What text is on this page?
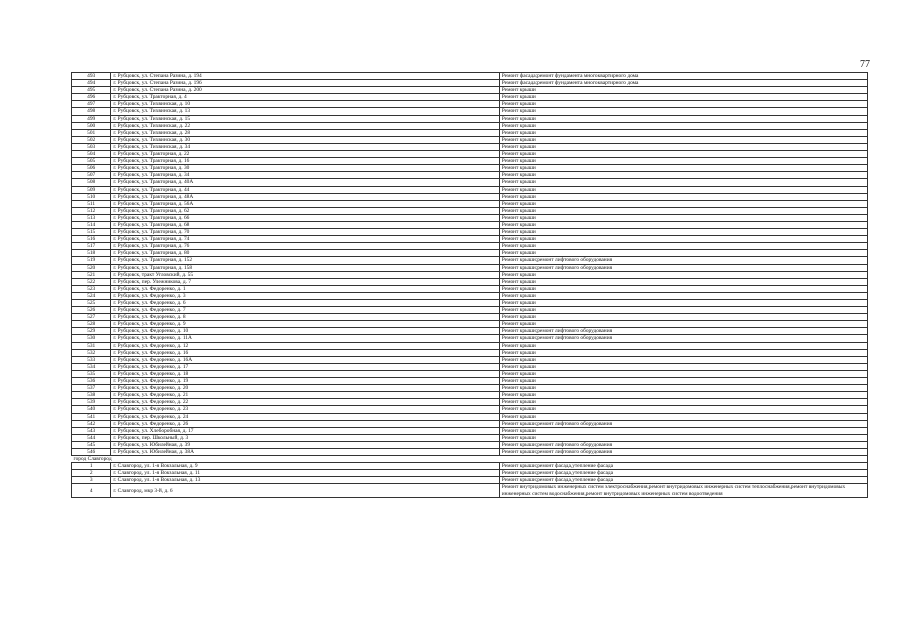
77
493	г. Рубцовск, ул. Степана Разина, д. 194	Ремонт фасада;ремонт фундамента многоквартирного дома
494	г. Рубцовск, ул. Степана Разина, д. 196	Ремонт фасада;ремонт фундамента многоквартирного дома
495	г. Рубцовск, ул. Степана Разина, д. 200	Ремонт крыши
496	г. Рубцовск, ул. Тракторная, д. 4	Ремонт крыши
497	г. Рубцовск, ул. Тихвинская, д. 10	Ремонт крыши
498	г. Рубцовск, ул. Тихвинская, д. 13	Ремонт крыши
499	г. Рубцовск, ул. Тихвинская, д. 15	Ремонт крыши
500	г. Рубцовск, ул. Тихвинская, д. 22	Ремонт крыши
501	г. Рубцовск, ул. Тихвинская, д. 28	Ремонт крыши
502	г. Рубцовск, ул. Тихвинская, д. 30	Ремонт крыши
503	г. Рубцовск, ул. Тихвинская, д. 34	Ремонт крыши
504	г. Рубцовск, ул. Тракторная, д. 22	Ремонт крыши
505	г. Рубцовск, ул. Тракторная, д. 16	Ремонт крыши
506	г. Рубцовск, ул. Тракторная, д. 30	Ремонт крыши
507	г. Рубцовск, ул. Тракторная, д. 34	Ремонт крыши
508	г. Рубцовск, ул. Тракторная, д. 40А	Ремонт крыши
509	г. Рубцовск, ул. Тракторная, д. 44	Ремонт крыши
510	г. Рубцовск, ул. Тракторная, д. 48А	Ремонт крыши
511	г. Рубцовск, ул. Тракторная, д. 56А	Ремонт крыши
512	г. Рубцовск, ул. Тракторная, д. 62	Ремонт крыши
513	г. Рубцовск, ул. Тракторная, д. 66	Ремонт крыши
514	г. Рубцовск, ул. Тракторная, д. 68	Ремонт крыши
515	г. Рубцовск, ул. Тракторная, д. 70	Ремонт крыши
516	г. Рубцовск, ул. Тракторная, д. 74	Ремонт крыши
517	г. Рубцовск, ул. Тракторная, д. 76	Ремонт крыши
518	г. Рубцовск, ул. Тракторная, д. 80	Ремонт крыши
519	г. Рубцовск, ул. Тракторная, д. 152	Ремонт крыши;ремонт лифтового оборудования
520	г. Рубцовск, ул. Тракторная, д. 158	Ремонт крыши;ремонт лифтового оборудования
521	г. Рубцовск, тракт Угловский, д. 55	Ремонт крыши
522	г. Рубцовск, пер. Улежникова, д. 7	Ремонт крыши
523	г. Рубцовск, ул. Федоренко, д. 1	Ремонт крыши
524	г. Рубцовск, ул. Федоренко, д. 3	Ремонт крыши
525	г. Рубцовск, ул. Федоренко, д. 6	Ремонт крыши
526	г. Рубцовск, ул. Федоренко, д. 7	Ремонт крыши
527	г. Рубцовск, ул. Федоренко, д. 8	Ремонт крыши
528	г. Рубцовск, ул. Федоренко, д. 9	Ремонт крыши
529	г. Рубцовск, ул. Федоренко, д. 10	Ремонт крыши;ремонт лифтового оборудования
530	г. Рубцовск, ул. Федоренко, д. 11А	Ремонт крыши;ремонт лифтового оборудования
531	г. Рубцовск, ул. Федоренко, д. 12	Ремонт крыши
532	г. Рубцовск, ул. Федоренко, д. 16	Ремонт крыши
533	г. Рубцовск, ул. Федоренко, д. 16А	Ремонт крыши
534	г. Рубцовск, ул. Федоренко, д. 17	Ремонт крыши
535	г. Рубцовск, ул. Федоренко, д. 18	Ремонт крыши
536	г. Рубцовск, ул. Федоренко, д. 19	Ремонт крыши
537	г. Рубцовск, ул. Федоренко, д. 20	Ремонт крыши
538	г. Рубцовск, ул. Федоренко, д. 21	Ремонт крыши
539	г. Рубцовск, ул. Федоренко, д. 22	Ремонт крыши
540	г. Рубцовск, ул. Федоренко, д. 23	Ремонт крыши
541	г. Рубцовск, ул. Федоренко, д. 24	Ремонт крыши
542	г. Рубцовск, ул. Федоренко, д. 26	Ремонт крыши;ремонт лифтового оборудования
543	г. Рубцовск, ул. Хлеборобная, д. 17	Ремонт крыши
544	г. Рубцовск, пер. Школьный, д. 3	Ремонт крыши
545	г. Рубцовск, ул. Юбилейная, д. 39	Ремонт крыши;ремонт лифтового оборудования
546	г. Рубцовск, ул. Юбилейная, д. 38А	Ремонт крыши;ремонт лифтового оборудования
город Славгород		
1	г. Славгород, ул. 1-я Вокзальная, д. 9	Ремонт крыши;ремонт фасада,утепление фасада
2	г. Славгород, ул. 1-я Вокзальная, д. 11	Ремонт крыши;ремонт фасада,утепление фасада
3	г. Славгород, ул. 1-я Вокзальная, д. 13	Ремонт крыши;ремонт фасада,утепление фасада
4	г. Славгород, мкр 3-й, д. 6	Ремонт внутридомовых инженерных систем электроснабжения,ремонт внутридомовых инженерных систем теплоснабжения,ремонт внутридомовых инженерных систем водоснабжения,ремонт внутридомовых инженерных систем водоотведения
